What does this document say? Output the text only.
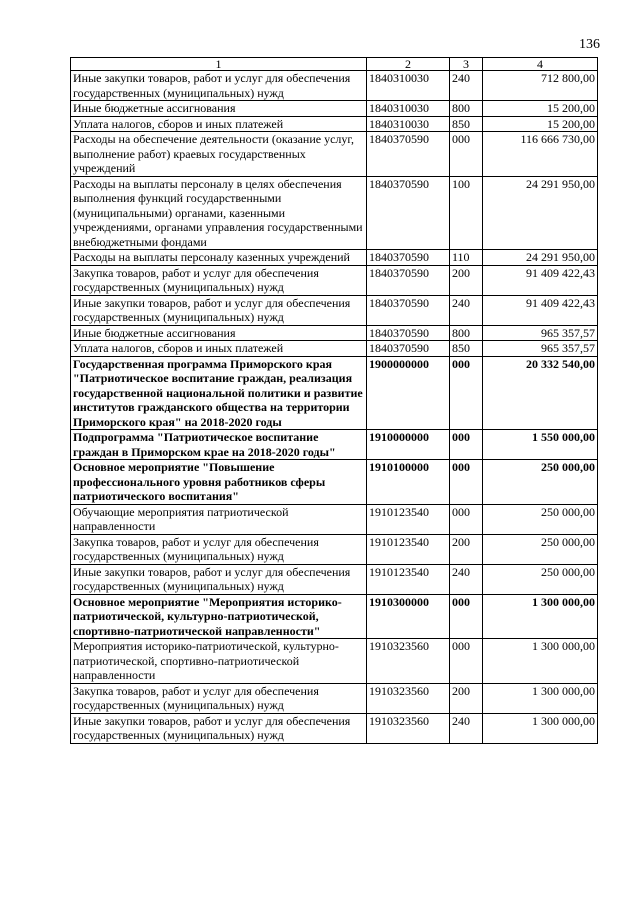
136
1	2	3	4
Иные закупки товаров, работ и услуг для обеспечения государственных (муниципальных) нужд	1840310030	240	712 800,00
Иные бюджетные ассигнования	1840310030	800	15 200,00
Уплата налогов, сборов и иных платежей	1840310030	850	15 200,00
Расходы на обеспечение деятельности (оказание услуг, выполнение работ) краевых государственных учреждений	1840370590	000	116 666 730,00
Расходы на выплаты персоналу в целях обеспечения выполнения функций государственными (муниципальными) органами, казенными учреждениями, органами управления государственными внебюджетными фондами	1840370590	100	24 291 950,00
Расходы на выплаты персоналу казенных учреждений	1840370590	110	24 291 950,00
Закупка товаров, работ и услуг для обеспечения государственных (муниципальных) нужд	1840370590	200	91 409 422,43
Иные закупки товаров, работ и услуг для обеспечения государственных (муниципальных) нужд	1840370590	240	91 409 422,43
Иные бюджетные ассигнования	1840370590	800	965 357,57
Уплата налогов, сборов и иных платежей	1840370590	850	965 357,57
Государственная программа Приморского края "Патриотическое воспитание граждан, реализация государственной национальной политики и развитие институтов гражданского общества на территории Приморского края" на 2018-2020 годы	1900000000	000	20 332 540,00
Подпрограмма "Патриотическое воспитание граждан в Приморском крае на 2018-2020 годы"	1910000000	000	1 550 000,00
Основное мероприятие "Повышение профессионального уровня работников сферы патриотического воспитания"	1910100000	000	250 000,00
Обучающие мероприятия патриотической направленности	1910123540	000	250 000,00
Закупка товаров, работ и услуг для обеспечения государственных (муниципальных) нужд	1910123540	200	250 000,00
Иные закупки товаров, работ и услуг для обеспечения государственных (муниципальных) нужд	1910123540	240	250 000,00
Основное мероприятие "Мероприятия историко-патриотической, культурно-патриотической, спортивно-патриотической направленности"	1910300000	000	1 300 000,00
Мероприятия историко-патриотической, культурно-патриотической, спортивно-патриотической направленности	1910323560	000	1 300 000,00
Закупка товаров, работ и услуг для обеспечения государственных (муниципальных) нужд	1910323560	200	1 300 000,00
Иные закупки товаров, работ и услуг для обеспечения государственных (муниципальных) нужд	1910323560	240	1 300 000,00
